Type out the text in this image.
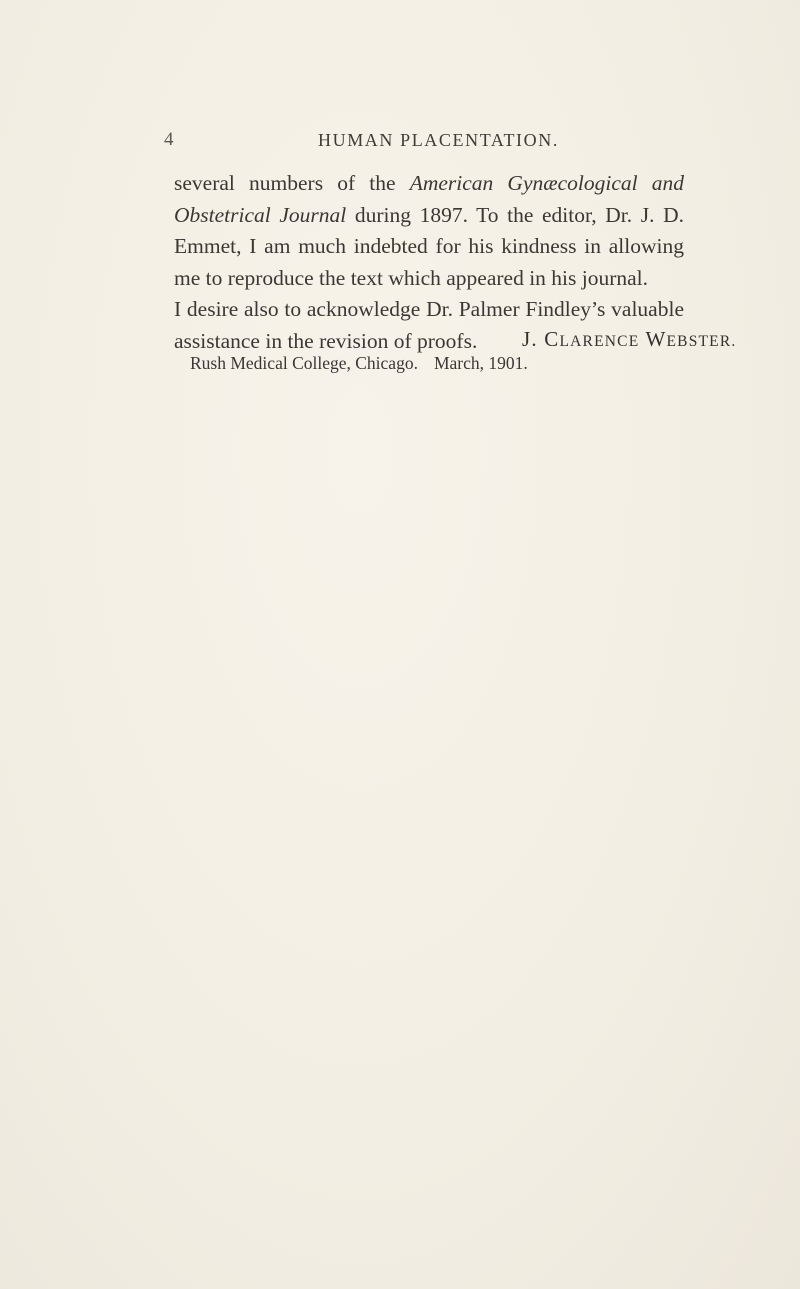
4	HUMAN PLACENTATION.

several numbers of the American Gynæcological and Obstetrical Journal during 1897. To the editor, Dr. J. D. Emmet, I am much indebted for his kindness in allowing me to reproduce the text which appeared in his journal.

I desire also to acknowledge Dr. Palmer Findley’s valuable assistance in the revision of proofs.	J. CLARENCE WEBSTER.
Rush Medical College, Chicago. March, 1901.
